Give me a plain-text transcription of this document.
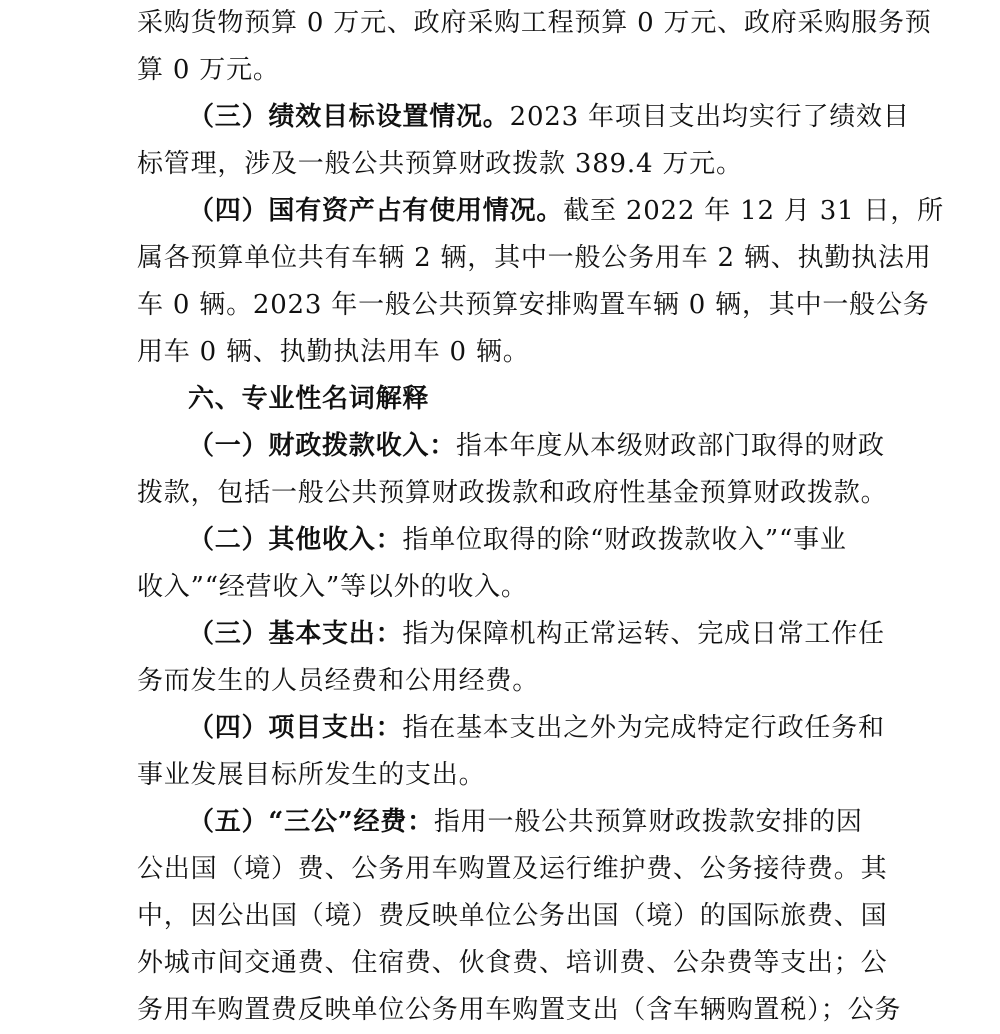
采购货物预算 0 万元、政府采购工程预算 0 万元、政府采购服务预
算 0 万元。
（三）绩效目标设置情况。2023 年项目支出均实行了绩效目
标管理，涉及一般公共预算财政拨款 389.4 万元。
（四）国有资产占有使用情况。截至 2022 年 12 月 31 日，所
属各预算单位共有车辆 2 辆，其中一般公务用车 2 辆、执勤执法用
车 0 辆。2023 年一般公共预算安排购置车辆 0 辆，其中一般公务
用车 0 辆、执勤执法用车 0 辆。
六、专业性名词解释
（一）财政拨款收入：指本年度从本级财政部门取得的财政
拨款，包括一般公共预算财政拨款和政府性基金预算财政拨款。
（二）其他收入：指单位取得的除“财政拨款收入”“事业
收入”“经营收入”等以外的收入。
（三）基本支出：指为保障机构正常运转、完成日常工作任
务而发生的人员经费和公用经费。
（四）项目支出：指在基本支出之外为完成特定行政任务和
事业发展目标所发生的支出。
（五）“三公”经费：指用一般公共预算财政拨款安排的因
公出国（境）费、公务用车购置及运行维护费、公务接待费。其
中，因公出国（境）费反映单位公务出国（境）的国际旅费、国
外城市间交通费、住宿费、伙食费、培训费、公杂费等支出；公
务用车购置费反映单位公务用车购置支出（含车辆购置税）；公务
